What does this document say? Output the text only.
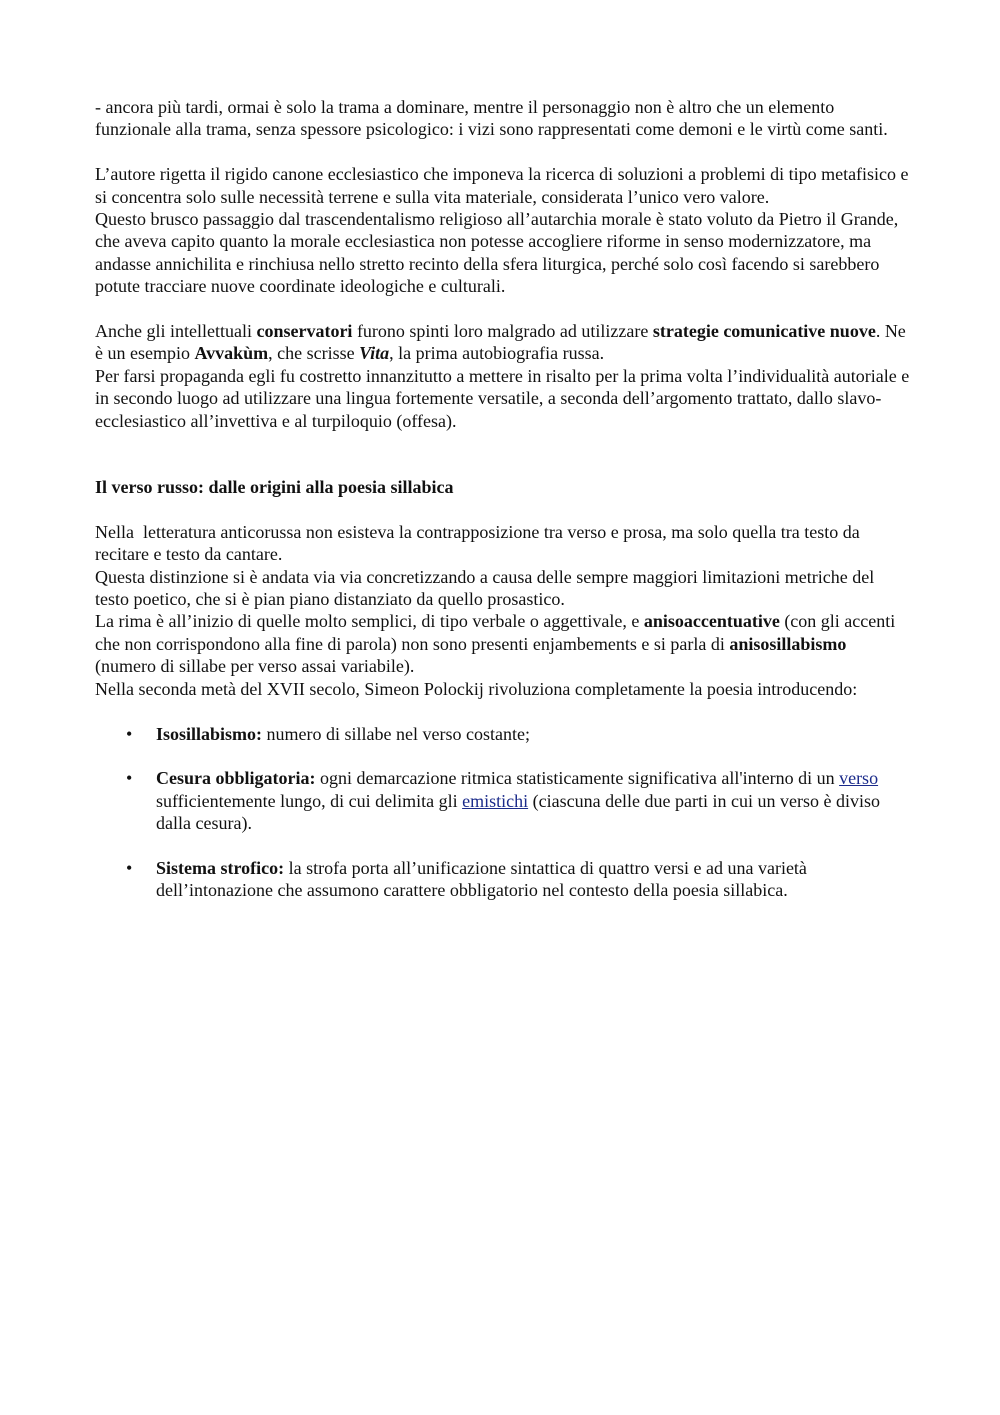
- ancora più tardi, ormai è solo la trama a dominare, mentre il personaggio non è altro che un elemento funzionale alla trama, senza spessore psicologico: i vizi sono rappresentati come demoni e le virtù come santi.

L’autore rigetta il rigido canone ecclesiastico che imponeva la ricerca di soluzioni a problemi di tipo metafisico e si concentra solo sulle necessità terrene e sulla vita materiale, considerata l’unico vero valore.

Questo brusco passaggio dal trascendentalismo religioso all’autarchia morale è stato voluto da Pietro il Grande, che aveva capito quanto la morale ecclesiastica non potesse accogliere riforme in senso modernizzatore, ma andasse annichilita e rinchiusa nello stretto recinto della sfera liturgica, perché solo così facendo si sarebbero potute tracciare nuove coordinate ideologiche e culturali.

Anche gli intellettuali conservatori furono spinti loro malgrado ad utilizzare strategie comunicative nuove. Ne è un esempio Avvakùm, che scrisse Vita, la prima autobiografia russa.

Per farsi propaganda egli fu costretto innanzitutto a mettere in risalto per la prima volta l’individualità autoriale e in secondo luogo ad utilizzare una lingua fortemente versatile, a seconda dell’argomento trattato, dallo slavo-ecclesiastico all’invettiva e al turpiloquio (offesa).

Il verso russo: dalle origini alla poesia sillabica

Nella  letteratura anticorussa non esisteva la contrapposizione tra verso e prosa, ma solo quella tra testo da recitare e testo da cantare.

Questa distinzione si è andata via via concretizzando a causa delle sempre maggiori limitazioni metriche del testo poetico, che si è pian piano distanziato da quello prosastico.

La rima è all’inizio di quelle molto semplici, di tipo verbale o aggettivale, e anisoaccentuative (con gli accenti che non corrispondono alla fine di parola) non sono presenti enjambements e si parla di anisosillabismo (numero di sillabe per verso assai variabile).

Nella seconda metà del XVII secolo, Simeon Polockij rivoluziona completamente la poesia introducendo:

• Isosillabismo: numero di sillabe nel verso costante;
• Cesura obbligatoria: ogni demarcazione ritmica statisticamente significativa all'interno di un verso sufficientemente lungo, di cui delimita gli emistichi (ciascuna delle due parti in cui un verso è diviso dalla cesura).
• Sistema strofico: la strofa porta all’unificazione sintattica di quattro versi e ad una varietà dell’intonazione che assumono carattere obbligatorio nel contesto della poesia sillabica.
